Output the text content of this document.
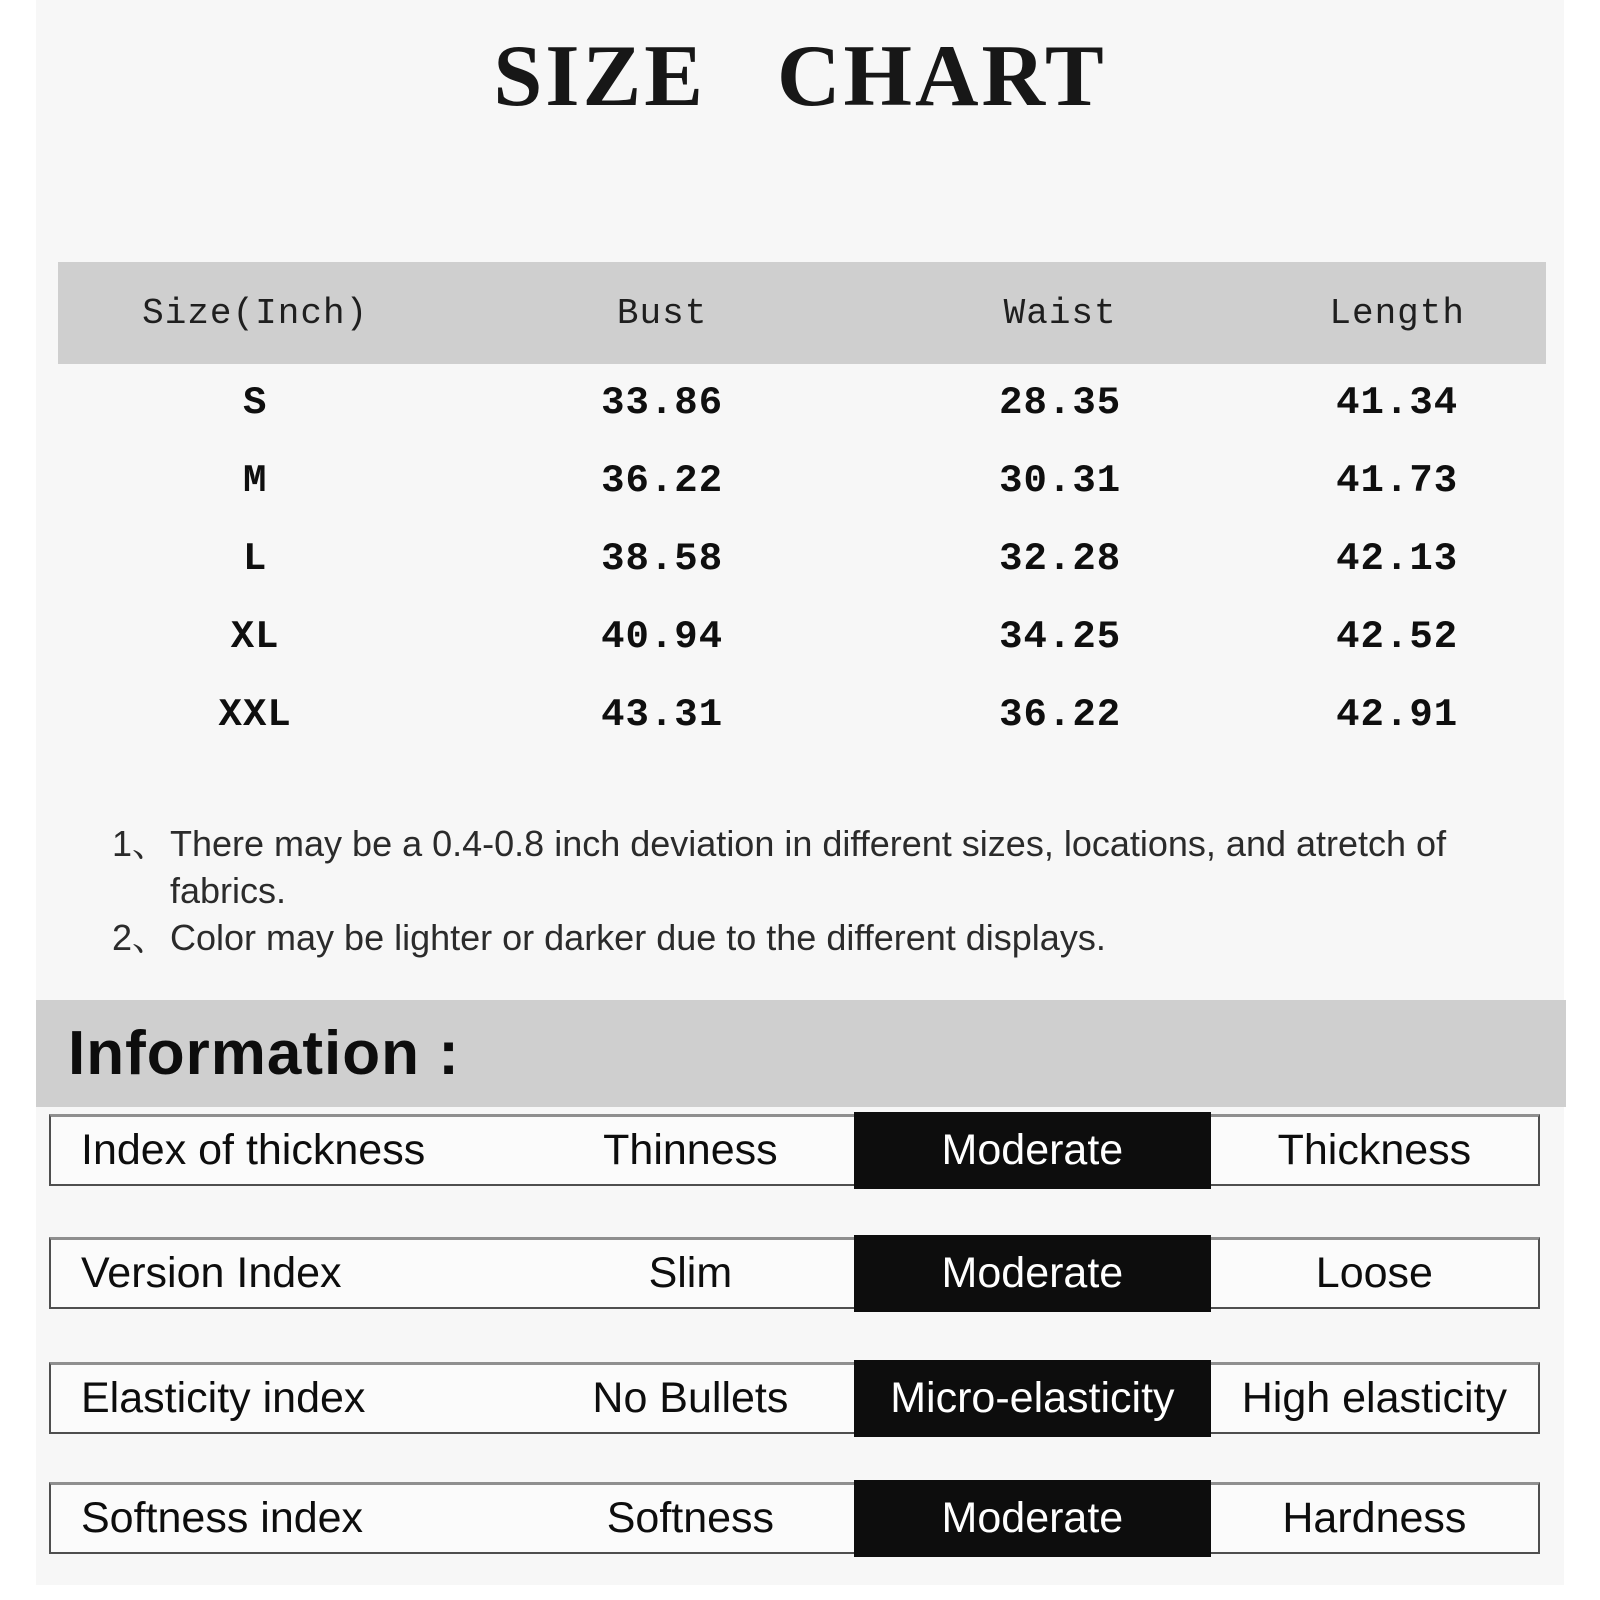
SIZE CHART
Size(Inch)	Bust	Waist	Length
S	33.86	28.35	41.34
M	36.22	30.31	41.73
L	38.58	32.28	42.13
XL	40.94	34.25	42.52
XXL	43.31	36.22	42.91
1、 There may be a 0.4-0.8 inch deviation in different sizes, locations, and atretch of fabrics.
2、 Color may be lighter or darker due to the different displays.
Information :
Index of thickness	Thinness	Moderate	Thickness
Version Index	Slim	Moderate	Loose
Elasticity index	No Bullets	Micro-elasticity	High elasticity
Softness index	Softness	Moderate	Hardness
